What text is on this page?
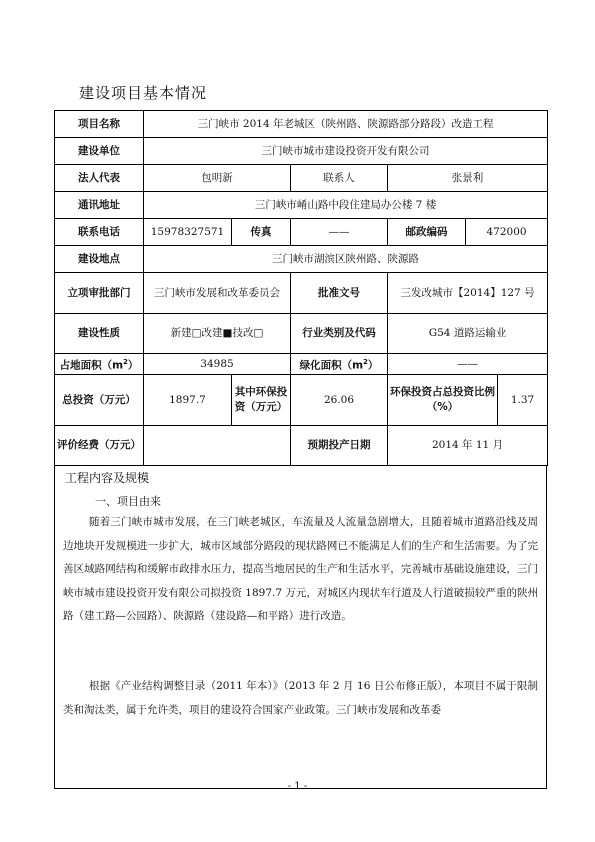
建设项目基本情况
项目名称	三门峡市 2014 年老城区（陕州路、陕源路部分路段）改造工程					
建设单位	三门峡市城市建设投资开发有限公司					
法人代表	包明新		联系人	张景利		
通讯地址	三门峡市崤山路中段住建局办公楼 7 楼					
联系电话	15978327571	传真	——	邮政编码	472000	
建设地点	三门峡市湖滨区陕州路、陕源路					
立项审批部门	三门峡市发展和改革委员会		批准文号	三发改城市【2014】127 号		
建设性质	新建□改建■技改□		行业类别及代码	G54 道路运输业		
占地面积$(m^2)$	34985		绿化面积$(m^2)$	——		
总投资（万元）	1897.7	其中环保投资（万元）	26.06	环保投资占总投资比例（%）		1.37
评价经费（万元）			预期投产日期	2014 年 11 月		
工程内容及规模
一、项目由来

随着三门峡市城市发展，在三门峡老城区，车流量及人流量急剧增大，且随着城市道路沿线及周边地块开发规模进一步扩大，城市区域部分路段的现状路网已不能满足人们的生产和生活需要。为了完善区域路网结构和缓解市政排水压力，提高当地居民的生产和生活水平，完善城市基础设施建设，三门峡市城市建设投资开发有限公司拟投资 1897.7 万元，对城区内现状车行道及人行道破损较严重的陕州路（建工路—公园路）、陕源路（建设路—和平路）进行改造。

根据《产业结构调整目录（2011 年本）》（2013 年 2 月 16 日公布修正版），本项目不属于限制类和淘汰类，属于允许类，项目的建设符合国家产业政策。三门峡市发展和改革委

- 1 -
